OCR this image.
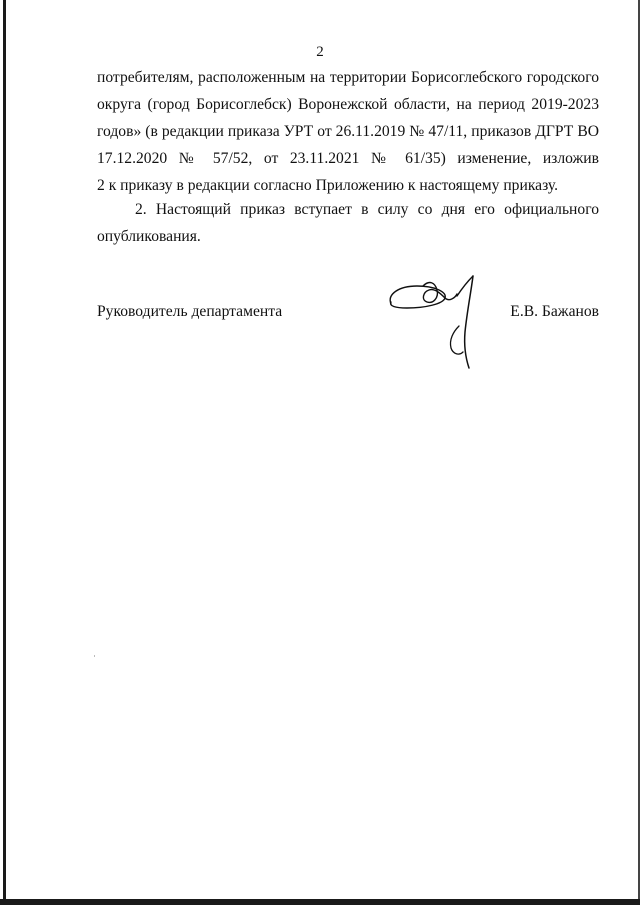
2
потребителям, расположенным на территории Борисоглебского городского
округа (город Борисоглебск) Воронежской области, на период 2019-2023
годов» (в редакции приказа УРТ от 26.11.2019 № 47/11, приказов ДГРТ ВО
17.12.2020 № 57/52, от 23.11.2021 № 61/35) изменение, изложив
2 к приказу в редакции согласно Приложению к настоящему приказу.
2. Настоящий приказ вступает в силу со дня его официального
опубликования.
Руководитель департамента	Е.В. Бажанов
